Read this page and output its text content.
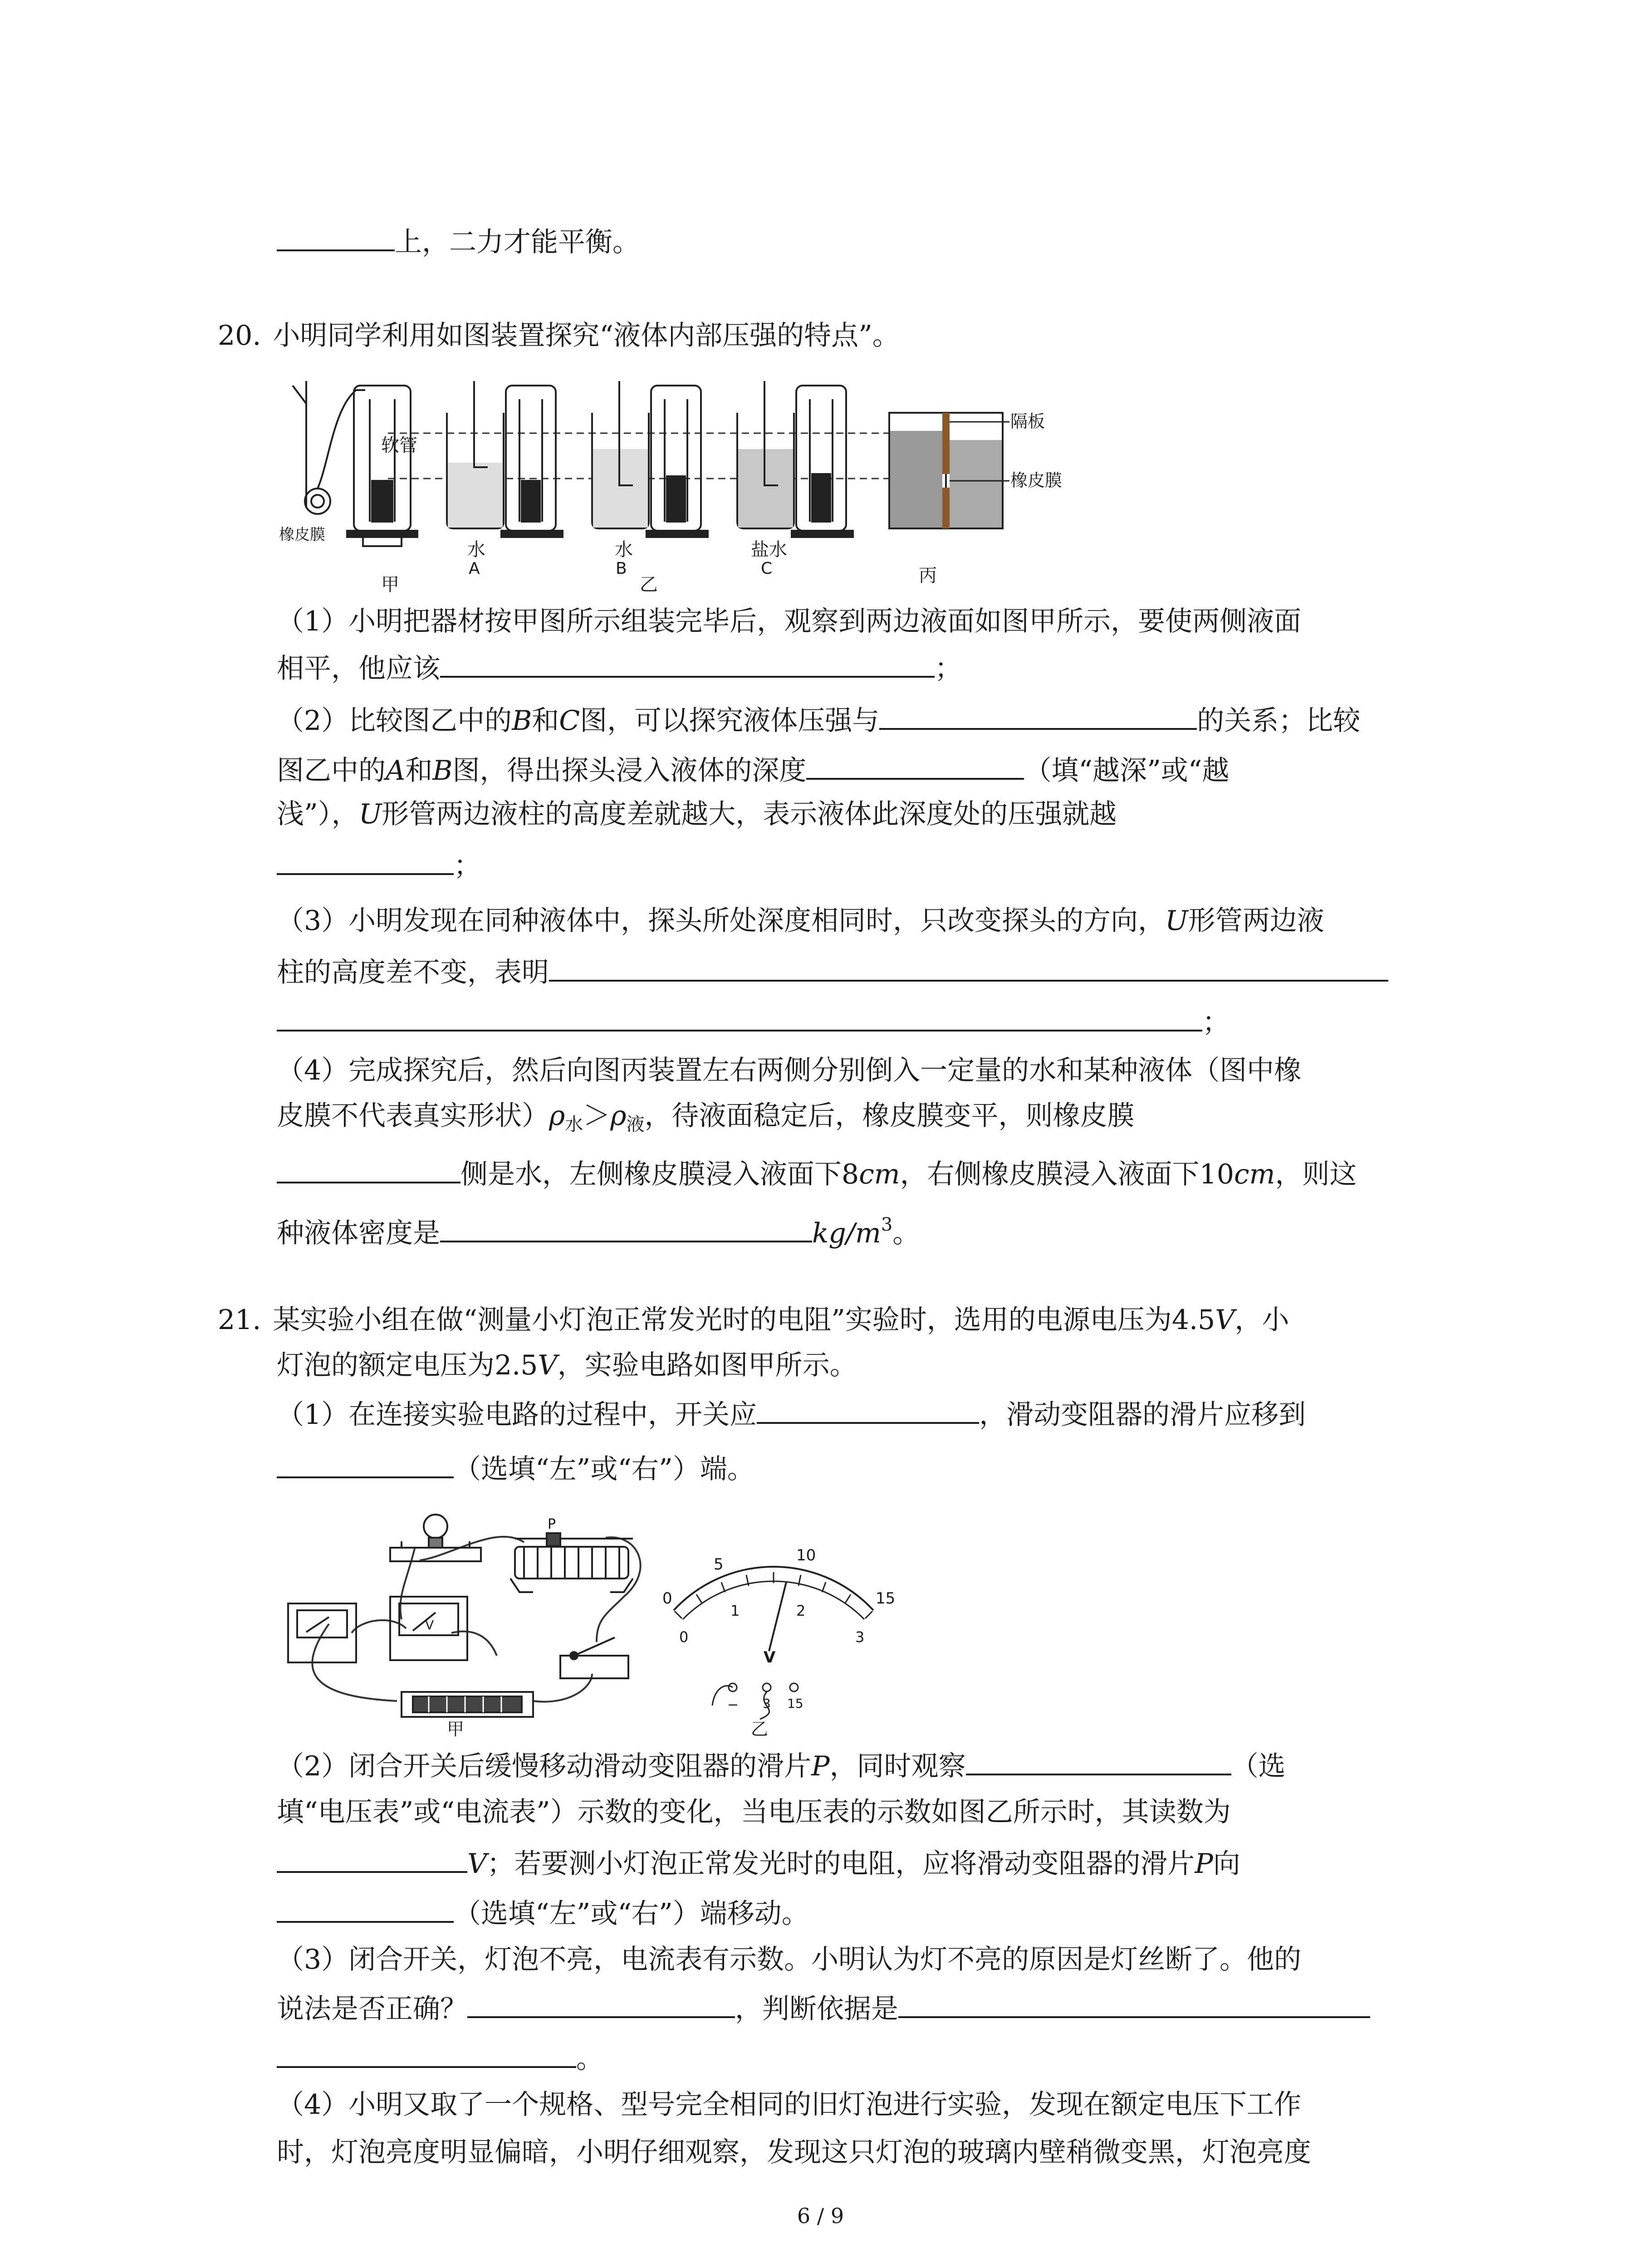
上，二力才能平衡。
20. 小明同学利用如图装置探究“液体内部压强的特点”。
软管
橡皮膜
水
A
水
B
盐水
C
甲	乙	丙
隔板
橡皮膜
（1）小明把器材按甲图所示组装完毕后，观察到两边液面如图甲所示，要使两侧液面
相平，他应该	；
（2）比较图乙中的B和C图，可以探究液体压强与	的关系；比较
图乙中的A和B图，得出探头浸入液体的深度	（填“越深”或“越
浅”），U形管两边液柱的高度差就越大，表示液体此深度处的压强就越
；
（3）小明发现在同种液体中，探头所处深度相同时，只改变探头的方向，U形管两边液
柱的高度差不变，表明
；
（4）完成探究后，然后向图丙装置左右两侧分别倒入一定量的水和某种液体（图中橡
皮膜不代表真实形状）$\rho_水>\rho_液$，待液面稳定后，橡皮膜变平，则橡皮膜
侧是水，左侧橡皮膜浸入液面下8cm，右侧橡皮膜浸入液面下10cm，则这
种液体密度是	$kg/m^3$。
21. 某实验小组在做“测量小灯泡正常发光时的电阻”实验时，选用的电源电压为4.5V，小
灯泡的额定电压为2.5V，实验电路如图甲所示。
（1）在连接实验电路的过程中，开关应	，滑动变阻器的滑片应移到
（选填“左”或“右”）端。
V
P
甲
0
5	10
15
0
1	2
3
V
− 3 15
乙
（2）闭合开关后缓慢移动滑动变阻器的滑片P，同时观察	（选
填“电压表”或“电流表”）示数的变化，当电压表的示数如图乙所示时，其读数为
V；若要测小灯泡正常发光时的电阻，应将滑动变阻器的滑片P向
（选填“左”或“右”）端移动。
（3）闭合开关，灯泡不亮，电流表有示数。小明认为灯不亮的原因是灯丝断了。他的
说法是否正确？	，判断依据是
。
（4）小明又取了一个规格、型号完全相同的旧灯泡进行实验，发现在额定电压下工作
时，灯泡亮度明显偏暗，小明仔细观察，发现这只灯泡的玻璃内壁稍微变黑，灯泡亮度
6 / 9
